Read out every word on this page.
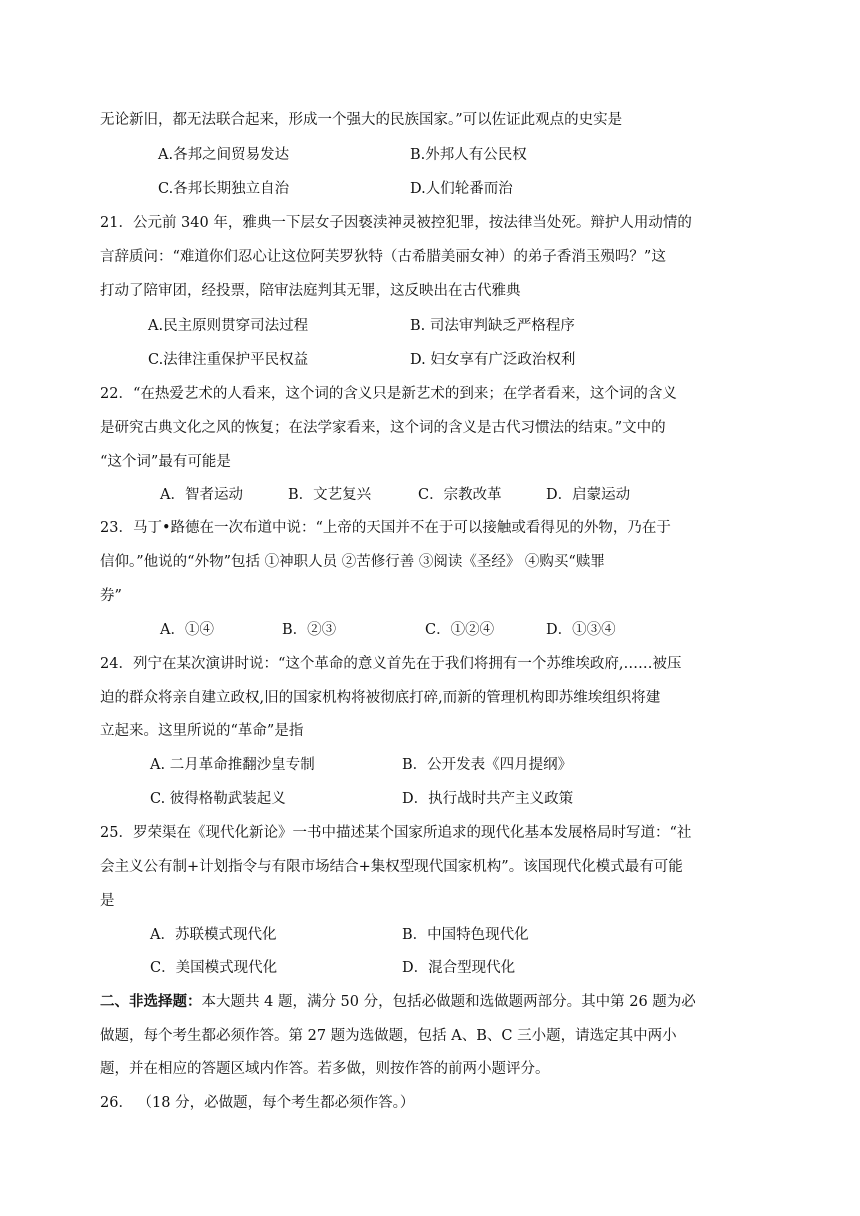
无论新旧，都无法联合起来，形成一个强大的民族国家。”可以佐证此观点的史实是
A.各邦之间贸易发达	B.外邦人有公民权
C.各邦长期独立自治	D.人们轮番而治
21．公元前 340 年，雅典一下层女子因亵渎神灵被控犯罪，按法律当处死。辩护人用动情的
言辞质问：“难道你们忍心让这位阿芙罗狄特（古希腊美丽女神）的弟子香消玉殒吗？”这
打动了陪审团，经投票，陪审法庭判其无罪，这反映出在古代雅典
A.民主原则贯穿司法过程	B. 司法审判缺乏严格程序
C.法律注重保护平民权益	D. 妇女享有广泛政治权利
22．“在热爱艺术的人看来，这个词的含义只是新艺术的到来；在学者看来，这个词的含义
是研究古典文化之风的恢复；在法学家看来，这个词的含义是古代习惯法的结束。”文中的
“这个词”最有可能是
A．智者运动	B．文艺复兴	C．宗教改革	D．启蒙运动
23．马丁•路德在一次布道中说：“上帝的天国并不在于可以接触或看得见的外物，乃在于
信仰。”他说的“外物”包括 ①神职人员 ②苦修行善 ③阅读《圣经》 ④购买“赎罪
券”
A．①④	B．②③	C．①②④	D．①③④
24．列宁在某次演讲时说：“这个革命的意义首先在于我们将拥有一个苏维埃政府,……被压
迫的群众将亲自建立政权,旧的国家机构将被彻底打碎,而新的管理机构即苏维埃组织将建
立起来。这里所说的“革命”是指
A. 二月革命推翻沙皇专制	B．公开发表《四月提纲》
C. 彼得格勒武装起义	D．执行战时共产主义政策
25．罗荣渠在《现代化新论》一书中描述某个国家所追求的现代化基本发展格局时写道：“社
会主义公有制+计划指令与有限市场结合+集权型现代国家机构”。该国现代化模式最有可能
是
A．苏联模式现代化	B．中国特色现代化
C．美国模式现代化	D．混合型现代化
二、非选择题：本大题共 4 题，满分 50 分，包括必做题和选做题两部分。其中第 26 题为必
做题，每个考生都必须作答。第 27 题为选做题，包括 A、B、C 三小题，请选定其中两小
题，并在相应的答题区域内作答。若多做，则按作答的前两小题评分。
26． （18 分，必做题，每个考生都必须作答。）
